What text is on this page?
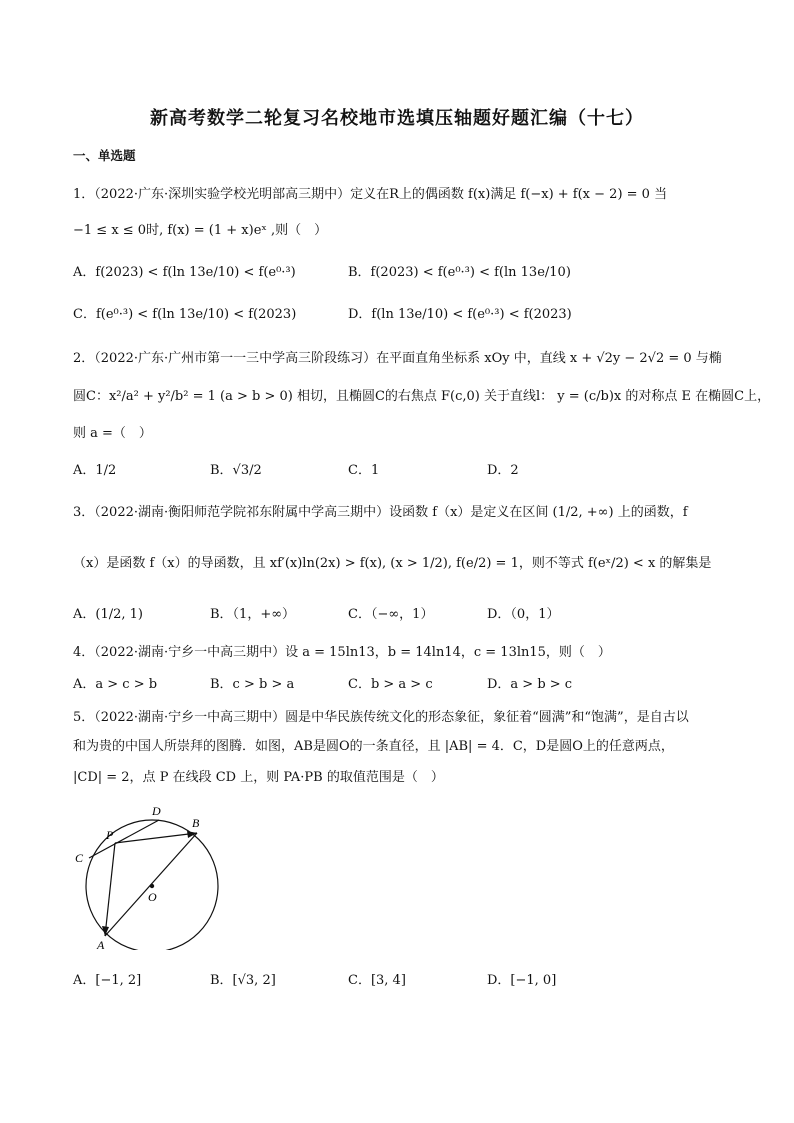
新高考数学二轮复习名校地市选填压轴题好题汇编（十七）
一、单选题
1．（2022·广东·深圳实验学校光明部高三期中）定义在R上的偶函数 f(x)满足 f(−x) + f(x − 2) = 0 当
−1 ≤ x ≤ 0时, f(x) = (1 + x)eˣ ,则（　）
A．f(2023) < f(ln 13e/10) < f(e⁰·³)	B．f(2023) < f(e⁰·³) < f(ln 13e/10)
C．f(e⁰·³) < f(ln 13e/10) < f(2023)	D．f(ln 13e/10) < f(e⁰·³) < f(2023)
2．（2022·广东·广州市第一一三中学高三阶段练习）在平面直角坐标系 xOy 中，直线 x + √2y − 2√2 = 0 与椭
圆C：x²/a² + y²/b² = 1 (a > b > 0) 相切，且椭圆C的右焦点 F(c,0) 关于直线l： y = (c/b)x 的对称点 E 在椭圆C上，
则 a =（　）
A．1/2	B．√3/2	C．1	D．2
3．（2022·湖南·衡阳师范学院祁东附属中学高三期中）设函数 f（x）是定义在区间 (1/2, +∞) 上的函数，f
（x）是函数 f（x）的导函数，且 xf′(x)ln(2x) > f(x), (x > 1/2), f(e/2) = 1，则不等式 f(eˣ/2) < x 的解集是
A．(1/2, 1)	B．（1，+∞）	C．（−∞，1）	D．（0，1）
4．（2022·湖南·宁乡一中高三期中）设 a = 15ln13，b = 14ln14，c = 13ln15，则（　）
A．a > c > b	B．c > b > a	C．b > a > c	D．a > b > c
5．（2022·湖南·宁乡一中高三期中）圆是中华民族传统文化的形态象征，象征着“圆满”和“饱满”，是自古以
和为贵的中国人所崇拜的图腾．如图，AB是圆O的一条直径，且 |AB| = 4．C，D是圆O上的任意两点，
|CD| = 2，点 P 在线段 CD 上，则 PA·PB 的取值范围是（　）
D
B
P
C
O
A
A．[−1, 2]	B．[√3, 2]	C．[3, 4]	D．[−1, 0]
